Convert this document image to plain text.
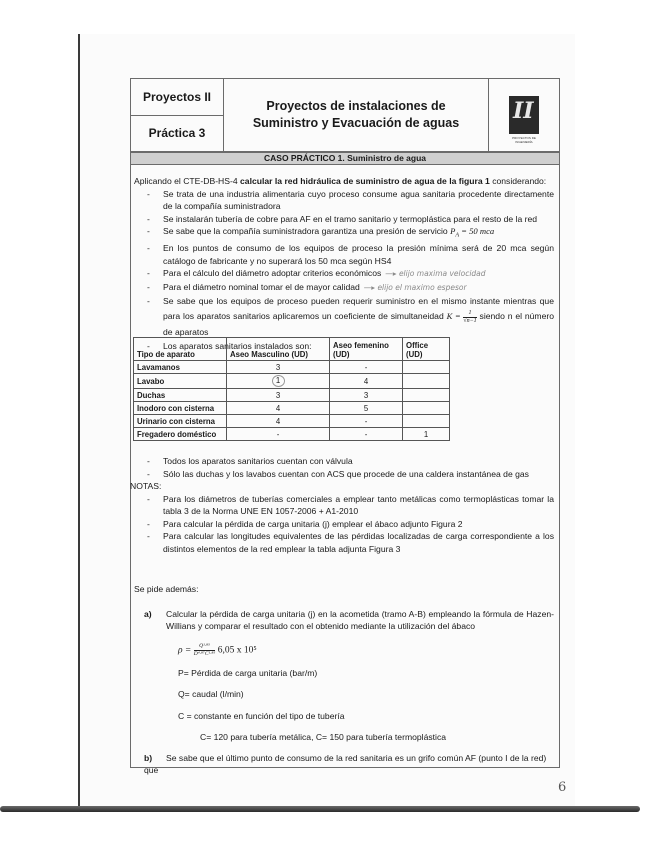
Proyectos II
Práctica 3
Proyectos de instalaciones de Suministro y Evacuación de aguas	II
PROYECTOS DE INGENIERÍA
CASO PRÁCTICO 1. Suministro de agua
Aplicando el CTE-DB-HS-4 calcular la red hidráulica de suministro de agua de la figura 1 considerando:
- Se trata de una industria alimentaria cuyo proceso consume agua sanitaria procedente directamente de la compañía suministradora
- Se instalarán tubería de cobre para AF en el tramo sanitario y termoplástica para el resto de la red
- Se sabe que la compañía suministradora garantiza una presión de servicio $P_A = 50$ mca
- En los puntos de consumo de los equipos de proceso la presión mínima será de 20 mca según catálogo de fabricante y no superará los 50 mca según HS4
- Para el cálculo del diámetro adoptar criterios económicos —▸ elijo maxima velocidad
- Para el diámetro nominal tomar el de mayor calidad —▸ elijo el maximo espesor
- Se sabe que los equipos de proceso pueden requerir suministro en el mismo instante mientras que para los aparatos sanitarios aplicaremos un coeficiente de simultaneidad $K = \frac{1}{√n-1}$ siendo n el número de aparatos
- Los aparatos sanitarios instalados son:
Tipo de aparato	Aseo Masculino (UD)	Aseo femenino (UD)	Office (UD)
Lavamanos	3	-	
Lavabo	1	4	
Duchas	3	3	
Inodoro con cisterna	4	5	
Urinario con cisterna	4	-	
Fregadero doméstico	-	-	1
- Todos los aparatos sanitarios cuentan con válvula
- Sólo las duchas y los lavabos cuentan con ACS que procede de una caldera instantánea de gas
NOTAS:
- Para los diámetros de tuberías comerciales a emplear tanto metálicas como termoplásticas tomar la tabla 3 de la Norma UNE EN 1057-2006 + A1-2010
- Para calcular la pérdida de carga unitaria (j) emplear el ábaco adjunto Figura 2
- Para calcular las longitudes equivalentes de las pérdidas localizadas de carga correspondiente a los distintos elementos de la red emplear la tabla adjunta Figura 3
Se pide además:
a)	Calcular la pérdida de carga unitaria (j) en la acometida (tramo A-B) empleando la fórmula de Hazen-Willians y comparar el resultado con el obtenido mediante la utilización del ábaco
$\rho = \frac{\text{Q¹·⁸⁵}}{\text{D⁴·⁸⁷C¹·⁸⁵}} 6,05$ x 10⁵
P= Pérdida de carga unitaria (bar/m)
Q= caudal (l/min)
C = constante en función del tipo de tubería
C= 120 para tubería metálica, C= 150 para tubería termoplástica
b) Se sabe que el último punto de consumo de la red sanitaria es un grifo común AF (punto I de la red) que
6
